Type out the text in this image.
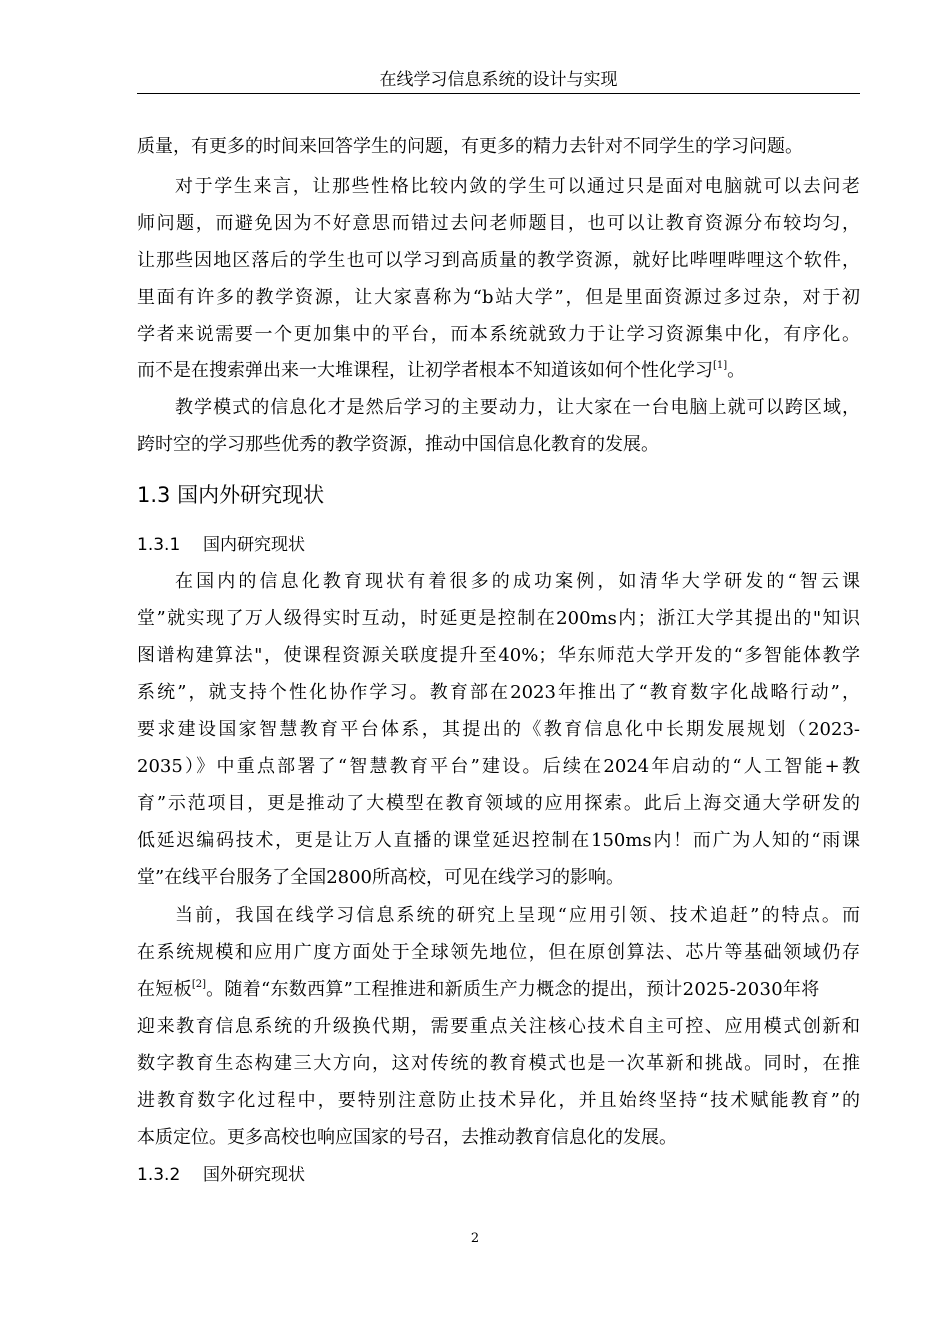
在线学习信息系统的设计与实现
质量，有更多的时间来回答学生的问题，有更多的精力去针对不同学生的学习问题。
对于学生来言，让那些性格比较内敛的学生可以通过只是面对电脑就可以去问老
师问题，而避免因为不好意思而错过去问老师题目，也可以让教育资源分布较均匀，
让那些因地区落后的学生也可以学习到高质量的教学资源，就好比哔哩哔哩这个软件，
里面有许多的教学资源，让大家喜称为“b站大学”，但是里面资源过多过杂，对于初
学者来说需要一个更加集中的平台，而本系统就致力于让学习资源集中化，有序化。
而不是在搜索弹出来一大堆课程，让初学者根本不知道该如何个性化学习[1]。
教学模式的信息化才是然后学习的主要动力，让大家在一台电脑上就可以跨区域，
跨时空的学习那些优秀的教学资源，推动中国信息化教育的发展。
1.3 国内外研究现状
1.3.1 国内研究现状
在国内的信息化教育现状有着很多的成功案例，如清华大学研发的“智云课
堂”就实现了万人级得实时互动，时延更是控制在200ms内；浙江大学其提出的"知识
图谱构建算法"，使课程资源关联度提升至40%；华东师范大学开发的“多智能体教学
系统”，就支持个性化协作学习。教育部在2023年推出了“教育数字化战略行动”，
要求建设国家智慧教育平台体系，其提出的《教育信息化中长期发展规划（2023-
2035）》中重点部署了“智慧教育平台”建设。后续在2024年启动的“人工智能+教
育”示范项目，更是推动了大模型在教育领域的应用探索。此后上海交通大学研发的
低延迟编码技术，更是让万人直播的课堂延迟控制在150ms内！而广为人知的“雨课
堂”在线平台服务了全国2800所高校，可见在线学习的影响。
当前，我国在线学习信息系统的研究上呈现“应用引领、技术追赶”的特点。而
在系统规模和应用广度方面处于全球领先地位，但在原创算法、芯片等基础领域仍存
在短板[2]。随着“东数西算”工程推进和新质生产力概念的提出，预计2025-2030年将
迎来教育信息系统的升级换代期，需要重点关注核心技术自主可控、应用模式创新和
数字教育生态构建三大方向，这对传统的教育模式也是一次革新和挑战。同时，在推
进教育数字化过程中，要特别注意防止技术异化，并且始终坚持“技术赋能教育”的
本质定位。更多高校也响应国家的号召，去推动教育信息化的发展。
1.3.2 国外研究现状
2
